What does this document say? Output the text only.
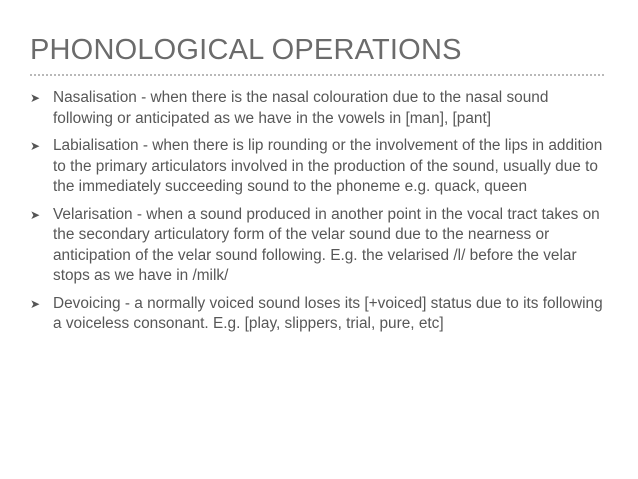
PHONOLOGICAL OPERATIONS
➤ Nasalisation - when there is the nasal colouration due to the nasal sound following or anticipated as we have in the vowels in [man], [pant]
➤ Labialisation - when there is lip rounding or the involvement of the lips in addition to the primary articulators involved in the production of the sound, usually due to the immediately succeeding sound to the phoneme e.g. quack, queen
➤ Velarisation - when a sound produced in another point in the vocal tract takes on the secondary articulatory form of the velar sound due to the nearness or anticipation of the velar sound following. E.g. the velarised /l/ before the velar stops as we have in /milk/
➤ Devoicing - a normally voiced sound loses its [+voiced] status due to its following a voiceless consonant. E.g. [play, slippers, trial, pure, etc]
